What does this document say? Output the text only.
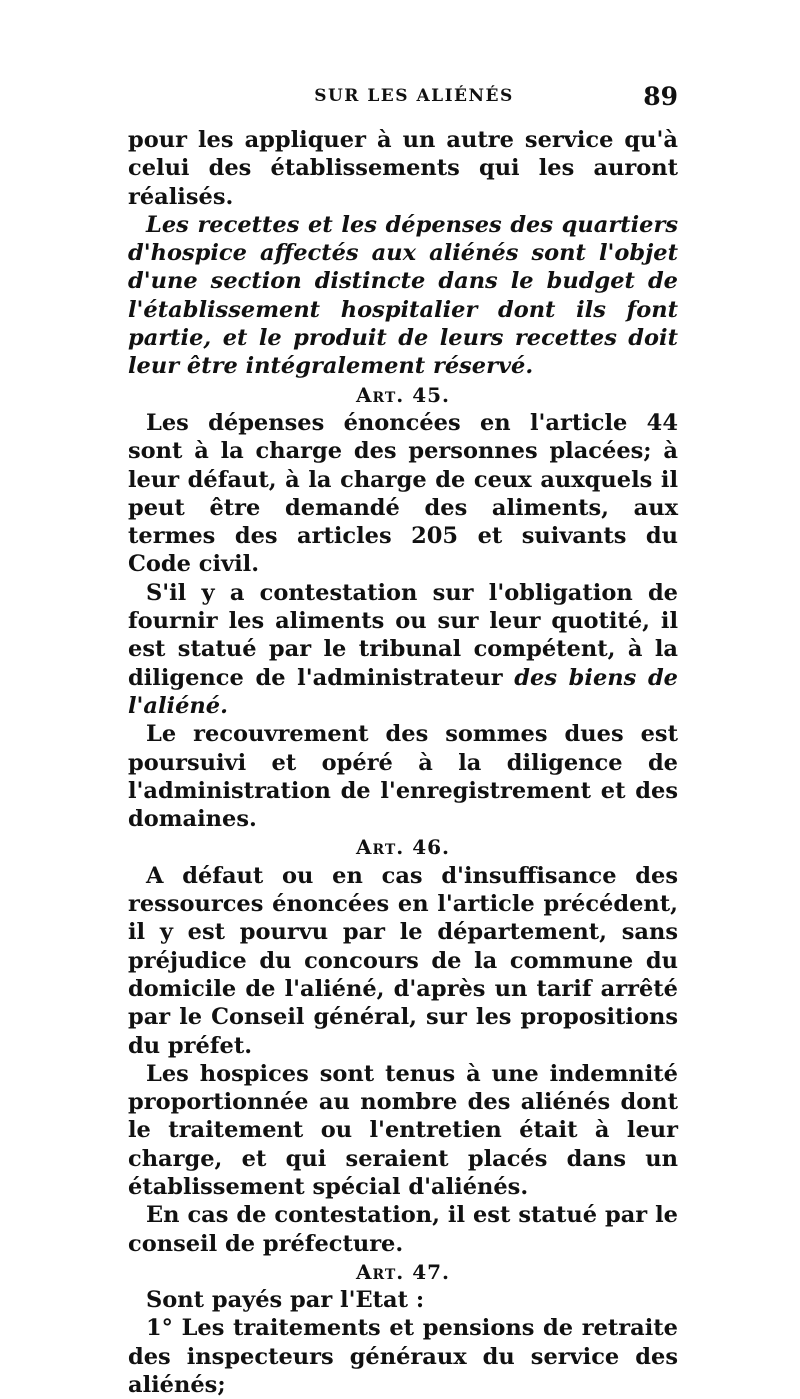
SUR LES ALIÉNÉS	89

pour les appliquer à un autre service qu'à celui des établissements qui les auront réalisés.

Les recettes et les dépenses des quartiers d'hospice affectés aux aliénés sont l'objet d'une section distincte dans le budget de l'établissement hospitalier dont ils font partie, et le produit de leurs recettes doit leur être intégralement réservé.

Art. 45.

Les dépenses énoncées en l'article 44 sont à la charge des personnes placées; à leur défaut, à la charge de ceux auxquels il peut être demandé des aliments, aux termes des articles 205 et suivants du Code civil.

S'il y a contestation sur l'obligation de fournir les aliments ou sur leur quotité, il est statué par le tribunal compétent, à la diligence de l'administrateur des biens de l'aliéné.

Le recouvrement des sommes dues est poursuivi et opéré à la diligence de l'administration de l'enregistrement et des domaines.

Art. 46.

A défaut ou en cas d'insuffisance des ressources énoncées en l'article précédent, il y est pourvu par le département, sans préjudice du concours de la commune du domicile de l'aliéné, d'après un tarif arrêté par le Conseil général, sur les propositions du préfet.

Les hospices sont tenus à une indemnité proportionnée au nombre des aliénés dont le traitement ou l'entretien était à leur charge, et qui seraient placés dans un établissement spécial d'aliénés.

En cas de contestation, il est statué par le conseil de préfecture.

Art. 47.

Sont payés par l'Etat :

1° Les traitements et pensions de retraite des inspecteurs généraux du service des aliénés;
